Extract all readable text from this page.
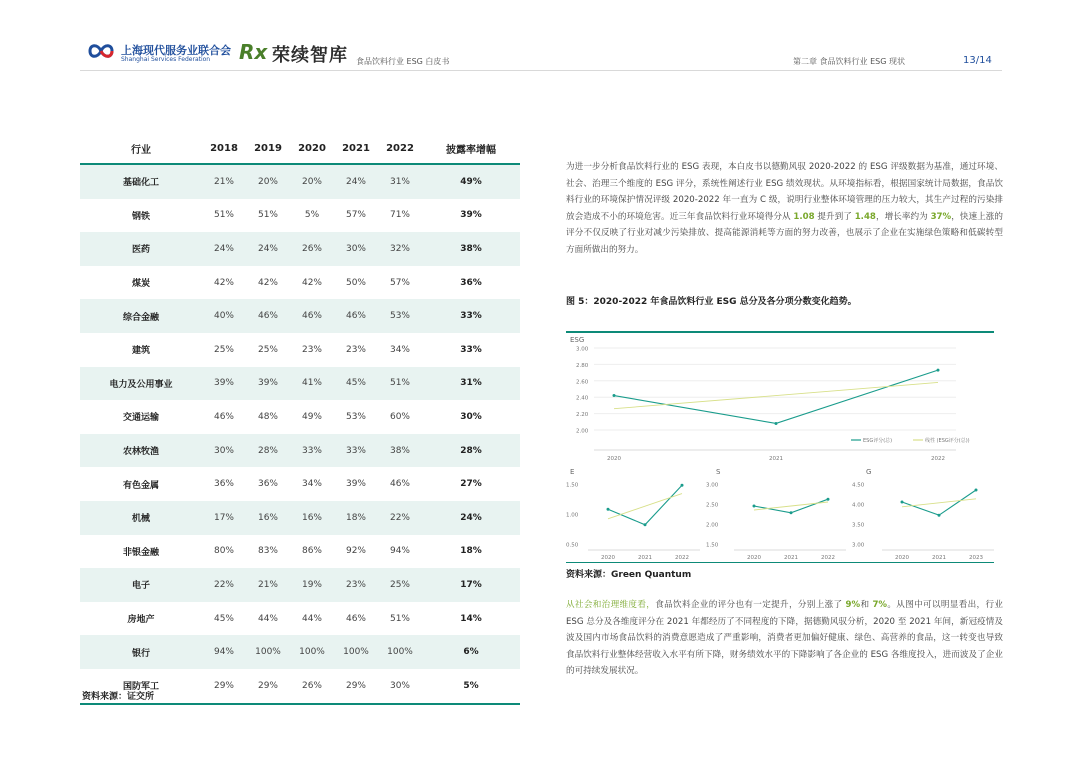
上海现代服务业联合会
Shanghai Services Federation Rx 荣续智库 食品饮料行业 ESG 白皮书	第二章 食品饮料行业 ESG 现状	13/14
行业	2018	2019	2020	2021	2022	披露率增幅
基础化工	21%	20%	20%	24%	31%	49%
钢铁	51%	51%	5%	57%	71%	39%
医药	24%	24%	26%	30%	32%	38%
煤炭	42%	42%	42%	50%	57%	36%
综合金融	40%	46%	46%	46%	53%	33%
建筑	25%	25%	23%	23%	34%	33%
电力及公用事业	39%	39%	41%	45%	51%	31%
交通运输	46%	48%	49%	53%	60%	30%
农林牧渔	30%	28%	33%	33%	38%	28%
有色金属	36%	36%	34%	39%	46%	27%
机械	17%	16%	16%	18%	22%	24%
非银金融	80%	83%	86%	92%	94%	18%
电子	22%	21%	19%	23%	25%	17%
房地产	45%	44%	44%	46%	51%	14%
银行	94%	100%	100%	100%	100%	6%
国防军工	29%	29%	26%	29%	30%	5%
资料来源：证交所
为进一步分析食品饮料行业的 ESG 表现，本白皮书以德勤风驭 2020-2022 的 ESG 评级数据为基准，通过环境、社会、治理三个维度的 ESG 评分，系统性阐述行业 ESG 绩效现状。从环境指标看，根据国家统计局数据，食品饮料行业的环境保护情况评级 2020-2022 年一直为 C 级，说明行业整体环境管理的压力较大，其生产过程的污染排放会造成不小的环境危害。近三年食品饮料行业环境得分从 1.08 提升到了 1.48，增长率约为 37%，快速上涨的评分不仅反映了行业对减少污染排放、提高能源消耗等方面的努力改善，也展示了企业在实施绿色策略和低碳转型方面所做出的努力。
图 5：2020-2022 年食品饮料行业 ESG 总分及各分项分数变化趋势。
ESG
3.00
2.80
2.60
2.40
2.20
2.00
2020	2021	2022
ESG评分(总)	线性 (ESG评分(总))
E
1.50
1.00
0.50
2020	2021	2022
S
3.00
2.50
2.00
1.50
2020	2021	2022
G
4.50
4.00
3.50
3.00
2020	2021	2023
资料来源：Green Quantum
从社会和治理维度看，食品饮料企业的评分也有一定提升，分别上涨了 9%和 7%。从图中可以明显看出，行业 ESG 总分及各维度评分在 2021 年都经历了不同程度的下降，据德勤风驭分析，2020 至 2021 年间，新冠疫情及波及国内市场食品饮料的消费意愿造成了严重影响，消费者更加偏好健康、绿色、高营养的食品，这一转变也导致食品饮料行业整体经营收入水平有所下降，财务绩效水平的下降影响了各企业的 ESG 各维度投入，进而波及了企业的可持续发展状况。
